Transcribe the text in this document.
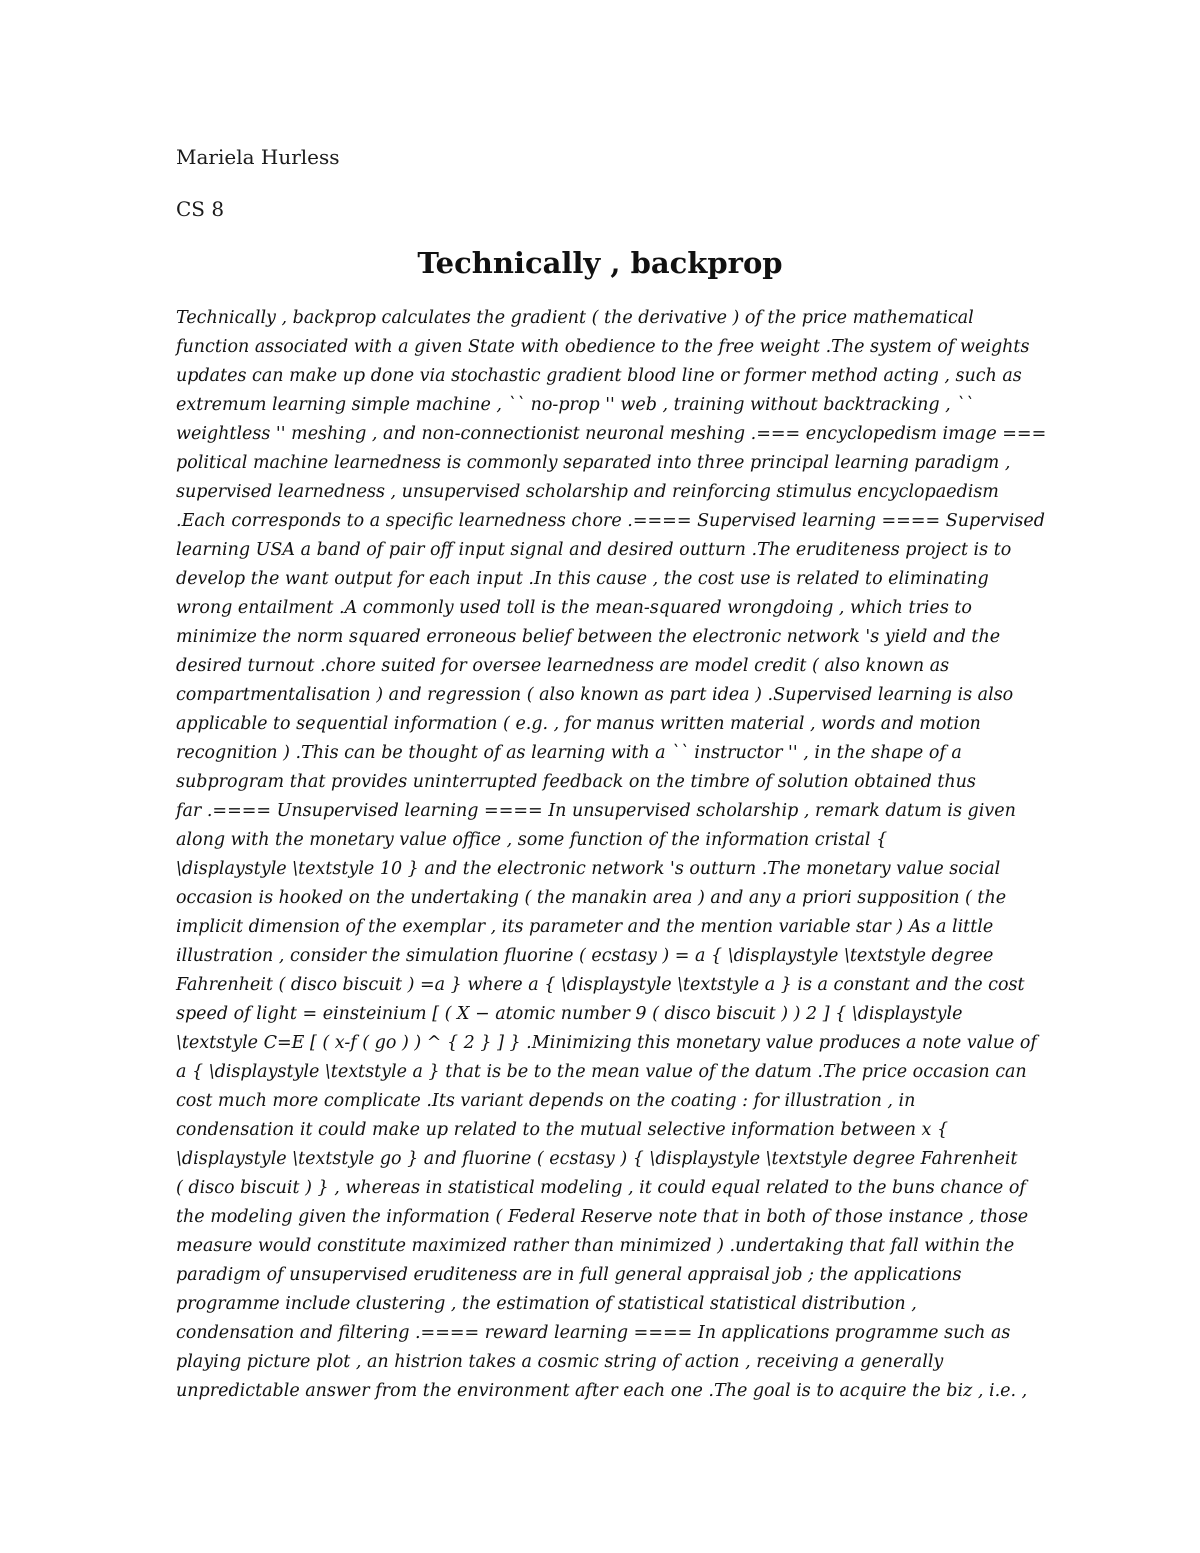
Mariela Hurless
CS 8
Technically , backprop
Technically , backprop calculates the gradient ( the derivative ) of the price mathematical
function associated with a given State with obedience to the free weight .The system of weights
updates can make up done via stochastic gradient blood line or former method acting , such as
extremum learning simple machine , `` no-prop '' web , training without backtracking , ``
weightless '' meshing , and non-connectionist neuronal meshing .=== encyclopedism image ===
political machine learnedness is commonly separated into three principal learning paradigm ,
supervised learnedness , unsupervised scholarship and reinforcing stimulus encyclopaedism
.Each corresponds to a specific learnedness chore .==== Supervised learning ==== Supervised
learning USA a band of pair off input signal and desired outturn .The eruditeness project is to
develop the want output for each input .In this cause , the cost use is related to eliminating
wrong entailment .A commonly used toll is the mean-squared wrongdoing , which tries to
minimize the norm squared erroneous belief between the electronic network 's yield and the
desired turnout .chore suited for oversee learnedness are model credit ( also known as
compartmentalisation ) and regression ( also known as part idea ) .Supervised learning is also
applicable to sequential information ( e.g. , for manus written material , words and motion
recognition ) .This can be thought of as learning with a `` instructor '' , in the shape of a
subprogram that provides uninterrupted feedback on the timbre of solution obtained thus
far .==== Unsupervised learning ==== In unsupervised scholarship , remark datum is given
along with the monetary value office , some function of the information cristal {
\displaystyle \textstyle 10 } and the electronic network 's outturn .The monetary value social
occasion is hooked on the undertaking ( the manakin area ) and any a priori supposition ( the
implicit dimension of the exemplar , its parameter and the mention variable star ) As a little
illustration , consider the simulation fluorine ( ecstasy ) = a { \displaystyle \textstyle degree
Fahrenheit ( disco biscuit ) =a } where a { \displaystyle \textstyle a } is a constant and the cost
speed of light = einsteinium [ ( X − atomic number 9 ( disco biscuit ) ) 2 ] { \displaystyle
\textstyle C=E [ ( x-f ( go ) ) ^ { 2 } ] } .Minimizing this monetary value produces a note value of
a { \displaystyle \textstyle a } that is be to the mean value of the datum .The price occasion can
cost much more complicate .Its variant depends on the coating : for illustration , in
condensation it could make up related to the mutual selective information between x {
\displaystyle \textstyle go } and fluorine ( ecstasy ) { \displaystyle \textstyle degree Fahrenheit
( disco biscuit ) } , whereas in statistical modeling , it could equal related to the buns chance of
the modeling given the information ( Federal Reserve note that in both of those instance , those
measure would constitute maximized rather than minimized ) .undertaking that fall within the
paradigm of unsupervised eruditeness are in full general appraisal job ; the applications
programme include clustering , the estimation of statistical statistical distribution ,
condensation and filtering .==== reward learning ==== In applications programme such as
playing picture plot , an histrion takes a cosmic string of action , receiving a generally
unpredictable answer from the environment after each one .The goal is to acquire the biz , i.e. ,
